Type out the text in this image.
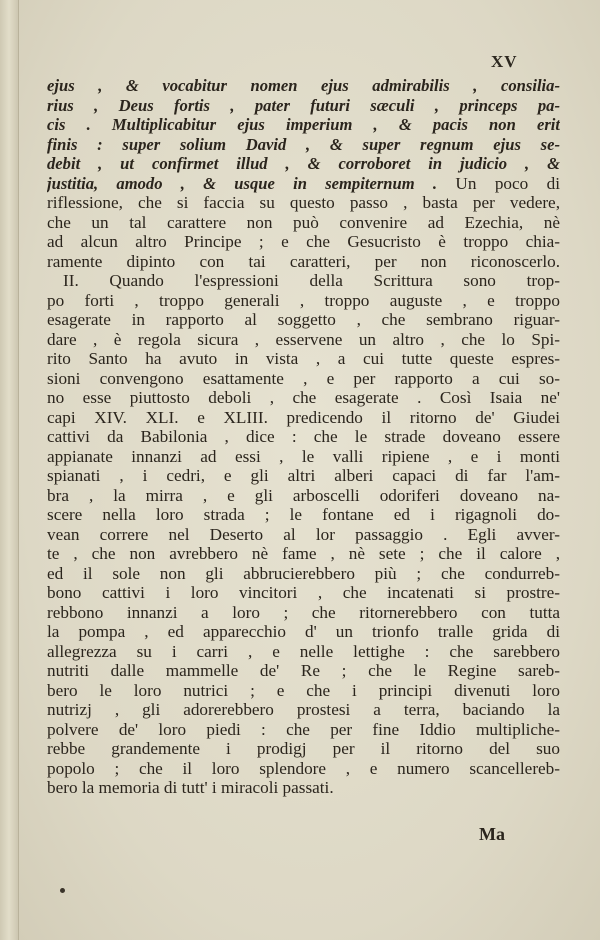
XV
ejus , & vocabitur nomen ejus admirabilis , consilia-
rius , Deus fortis , pater futuri sæculi , princeps pa-
cis . Multiplicabitur ejus imperium , & pacis non erit
finis : super solium David , & super regnum ejus se-
debit , ut confirmet illud , & corroboret in judicio , &
justitia, amodo , & usque in sempiternum . Un poco di
riflessione, che si faccia su questo passo , basta per vedere,
che un tal carattere non può convenire ad Ezechia, nè
ad alcun altro Principe ; e che Gesucristo è troppo chia-
ramente dipinto con tai caratteri, per non riconoscerlo.
II. Quando l'espressioni della Scrittura sono trop-
po forti , troppo generali , troppo auguste , e troppo
esagerate in rapporto al soggetto , che sembrano riguar-
dare , è regola sicura , esservene un altro , che lo Spi-
rito Santo ha avuto in vista , a cui tutte queste espres-
sioni convengono esattamente , e per rapporto a cui so-
no esse piuttosto deboli , che esagerate . Così Isaia ne'
capi XIV. XLI. e XLIII. predicendo il ritorno de' Giudei
cattivi da Babilonia , dice : che le strade doveano essere
appianate innanzi ad essi , le valli ripiene , e i monti
spianati , i cedri, e gli altri alberi capaci di far l'am-
bra , la mirra , e gli arboscelli odoriferi doveano na-
scere nella loro strada ; le fontane ed i rigagnoli do-
vean correre nel Deserto al lor passaggio . Egli avver-
te , che non avrebbero nè fame , nè sete ; che il calore ,
ed il sole non gli abbrucierebbero più ; che condurreb-
bono cattivi i loro vincitori , che incatenati si prostre-
rebbono innanzi a loro ; che ritornerebbero con tutta
la pompa , ed apparecchio d' un trionfo tralle grida di
allegrezza su i carri , e nelle lettighe : che sarebbero
nutriti dalle mammelle de' Re ; che le Regine sareb-
bero le loro nutrici ; e che i principi divenuti loro
nutrizj , gli adorerebbero prostesi a terra, baciando la
polvere de' loro piedi : che per fine Iddio multipliche-
rebbe grandemente i prodigj per il ritorno del suo
popolo ; che il loro splendore , e numero scancellereb-
bero la memoria di tutt' i miracoli passati.
Ma
